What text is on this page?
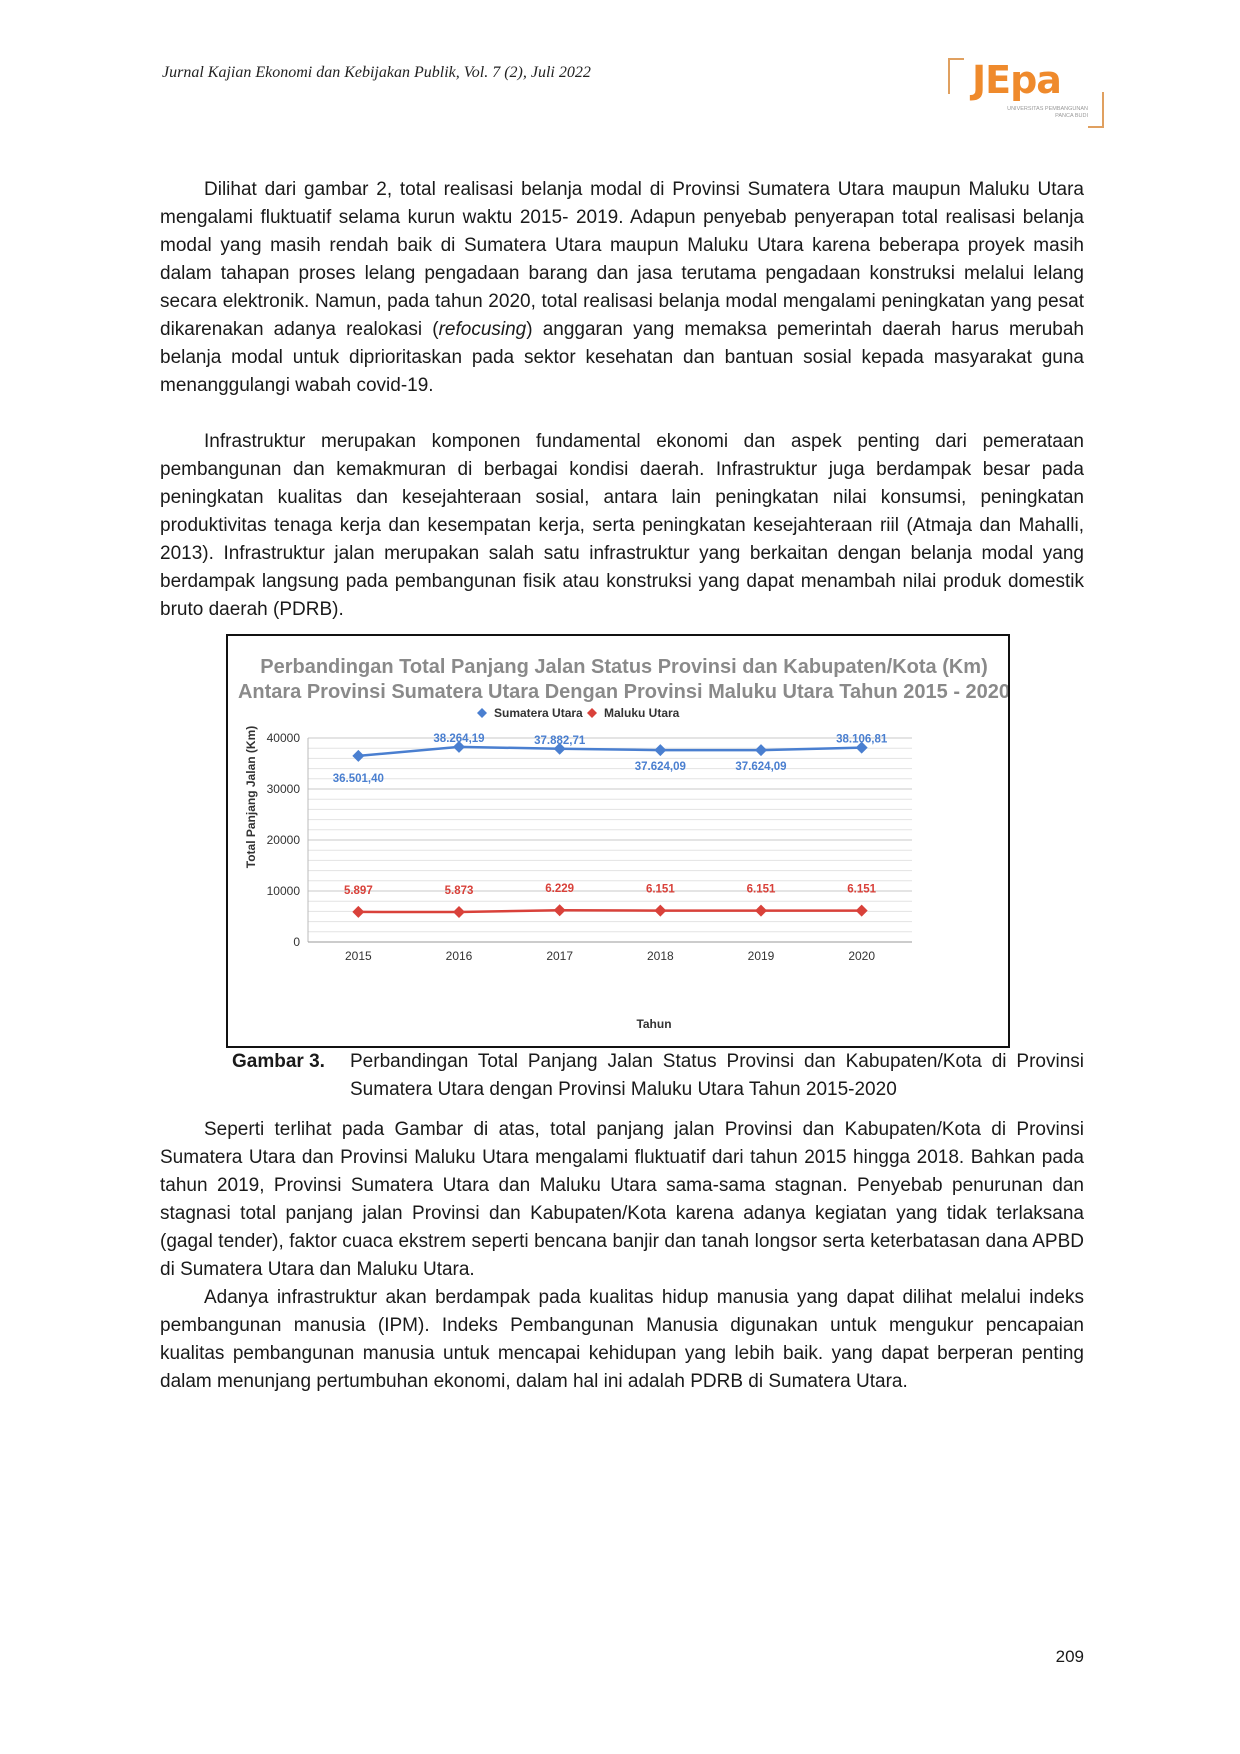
Jurnal Kajian Ekonomi dan Kebijakan Publik, Vol. 7 (2), Juli 2022	JEpa
UNIVERSITAS PEMBANGUNAN
PANCA BUDI

Dilihat dari gambar 2, total realisasi belanja modal di Provinsi Sumatera Utara maupun Maluku Utara mengalami fluktuatif selama kurun waktu 2015- 2019. Adapun penyebab penyerapan total realisasi belanja modal yang masih rendah baik di Sumatera Utara maupun Maluku Utara karena beberapa proyek masih dalam tahapan proses lelang pengadaan barang dan jasa terutama pengadaan konstruksi melalui lelang secara elektronik. Namun, pada tahun 2020, total realisasi belanja modal mengalami peningkatan yang pesat dikarenakan adanya realokasi (refocusing) anggaran yang memaksa pemerintah daerah harus merubah belanja modal untuk diprioritaskan pada sektor kesehatan dan bantuan sosial kepada masyarakat guna menanggulangi wabah covid-19.

Infrastruktur merupakan komponen fundamental ekonomi dan aspek penting dari pemerataan pembangunan dan kemakmuran di berbagai kondisi daerah. Infrastruktur juga berdampak besar pada peningkatan kualitas dan kesejahteraan sosial, antara lain peningkatan nilai konsumsi, peningkatan produktivitas tenaga kerja dan kesempatan kerja, serta peningkatan kesejahteraan riil (Atmaja dan Mahalli, 2013). Infrastruktur jalan merupakan salah satu infrastruktur yang berkaitan dengan belanja modal yang berdampak langsung pada pembangunan fisik atau konstruksi yang dapat menambah nilai produk domestik bruto daerah (PDRB).

Perbandingan Total Panjang Jalan Status Provinsi dan Kabupaten/Kota (Km)
Antara Provinsi Sumatera Utara Dengan Provinsi Maluku Utara Tahun 2015 - 2020
Sumatera Utara Maluku Utara
0
10000
20000
30000
40000
2015	2016	2017	2018	2019	2020
36.501,40
38.264,19	37.882,71
37.624,09	37.624,09
38.106,81
5.897	5.873	6.229	6.151	6.151	6.151
Total Panjang Jalan (Km)
Tahun
Gambar 3. Perbandingan Total Panjang Jalan Status Provinsi dan Kabupaten/Kota di Provinsi Sumatera Utara dengan Provinsi Maluku Utara Tahun 2015-2020

Seperti terlihat pada Gambar di atas, total panjang jalan Provinsi dan Kabupaten/Kota di Provinsi Sumatera Utara dan Provinsi Maluku Utara mengalami fluktuatif dari tahun 2015 hingga 2018. Bahkan pada tahun 2019, Provinsi Sumatera Utara dan Maluku Utara sama-sama stagnan. Penyebab penurunan dan stagnasi total panjang jalan Provinsi dan Kabupaten/Kota karena adanya kegiatan yang tidak terlaksana (gagal tender), faktor cuaca ekstrem seperti bencana banjir dan tanah longsor serta keterbatasan dana APBD di Sumatera Utara dan Maluku Utara.

Adanya infrastruktur akan berdampak pada kualitas hidup manusia yang dapat dilihat melalui indeks pembangunan manusia (IPM). Indeks Pembangunan Manusia digunakan untuk mengukur pencapaian kualitas pembangunan manusia untuk mencapai kehidupan yang lebih baik. yang dapat berperan penting dalam menunjang pertumbuhan ekonomi, dalam hal ini adalah PDRB di Sumatera Utara.

209
